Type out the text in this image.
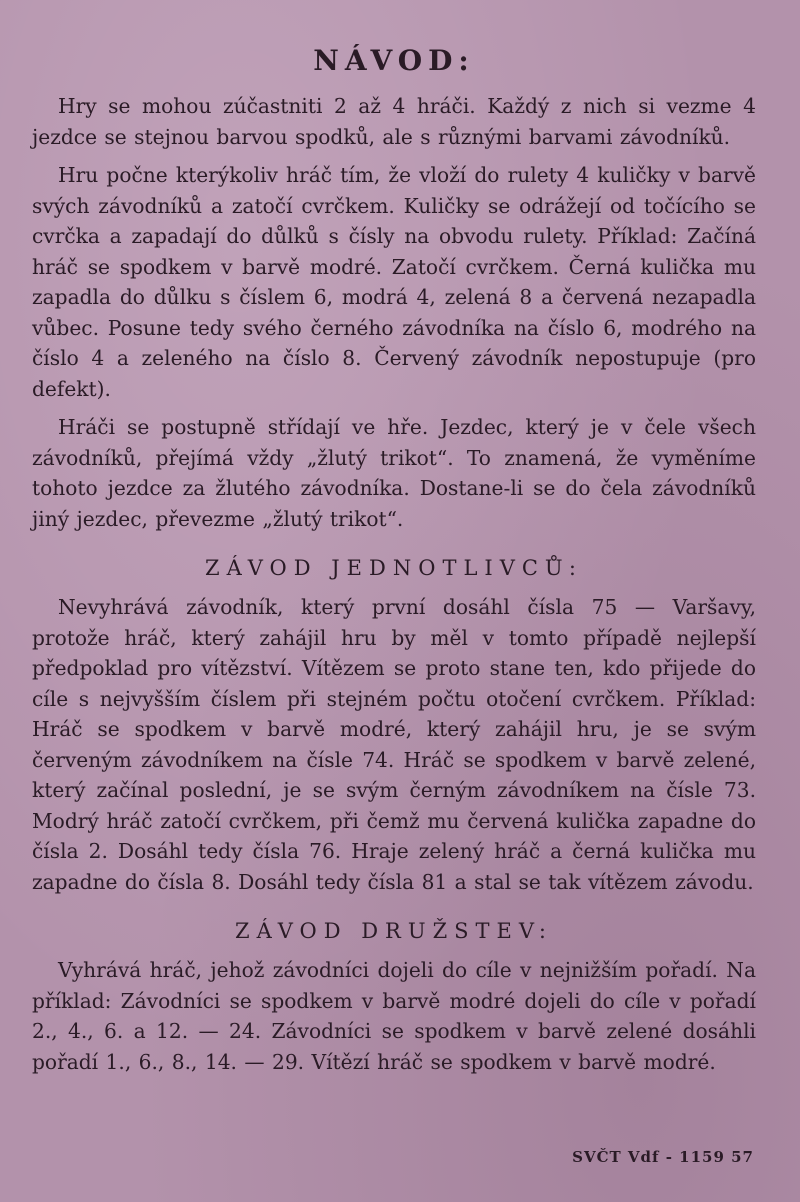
NÁVOD:

Hry se mohou zúčastniti 2 až 4 hráči. Každý z nich si vezme 4 jezdce se stejnou barvou spodků, ale s různými barvami závodníků.

Hru počne kterýkoliv hráč tím, že vloží do rulety 4 kuličky v barvě svých závodníků a zatočí cvrčkem. Kuličky se odrážejí od točícího se cvrčka a zapadají do důlků s čísly na obvodu rulety. Příklad: Začíná hráč se spodkem v barvě modré. Zatočí cvrčkem. Černá kulička mu zapadla do důlku s číslem 6, modrá 4, zelená 8 a červená nezapadla vůbec. Posune tedy svého černého závodníka na číslo 6, modrého na číslo 4 a zeleného na číslo 8. Červený závodník nepostupuje (pro defekt).

Hráči se postupně střídají ve hře. Jezdec, který je v čele všech závodníků, přejímá vždy „žlutý trikot“. To znamená, že vyměníme tohoto jezdce za žlutého závodníka. Dostane-li se do čela závodníků jiný jezdec, převezme „žlutý trikot“.

ZÁVOD JEDNOTLIVCŮ:

Nevyhrává závodník, který první dosáhl čísla 75 — Varšavy, protože hráč, který zahájil hru by měl v tomto případě nejlepší předpoklad pro vítězství. Vítězem se proto stane ten, kdo přijede do cíle s nejvyšším číslem při stejném počtu otočení cvrčkem. Příklad: Hráč se spodkem v barvě modré, který zahájil hru, je se svým červeným závodníkem na čísle 74. Hráč se spodkem v barvě zelené, který začínal poslední, je se svým černým závodníkem na čísle 73. Modrý hráč zatočí cvrčkem, při čemž mu červená kulička zapadne do čísla 2. Dosáhl tedy čísla 76. Hraje zelený hráč a černá kulička mu zapadne do čísla 8. Dosáhl tedy čísla 81 a stal se tak vítězem závodu.

ZÁVOD DRUŽSTEV:

Vyhrává hráč, jehož závodníci dojeli do cíle v nejnižším pořadí. Na příklad: Závodníci se spodkem v barvě modré dojeli do cíle v pořadí 2., 4., 6. a 12. — 24. Závodníci se spodkem v barvě zelené dosáhli pořadí 1., 6., 8., 14. — 29. Vítězí hráč se spodkem v barvě modré.

SVČT Vdf - 1159 57
